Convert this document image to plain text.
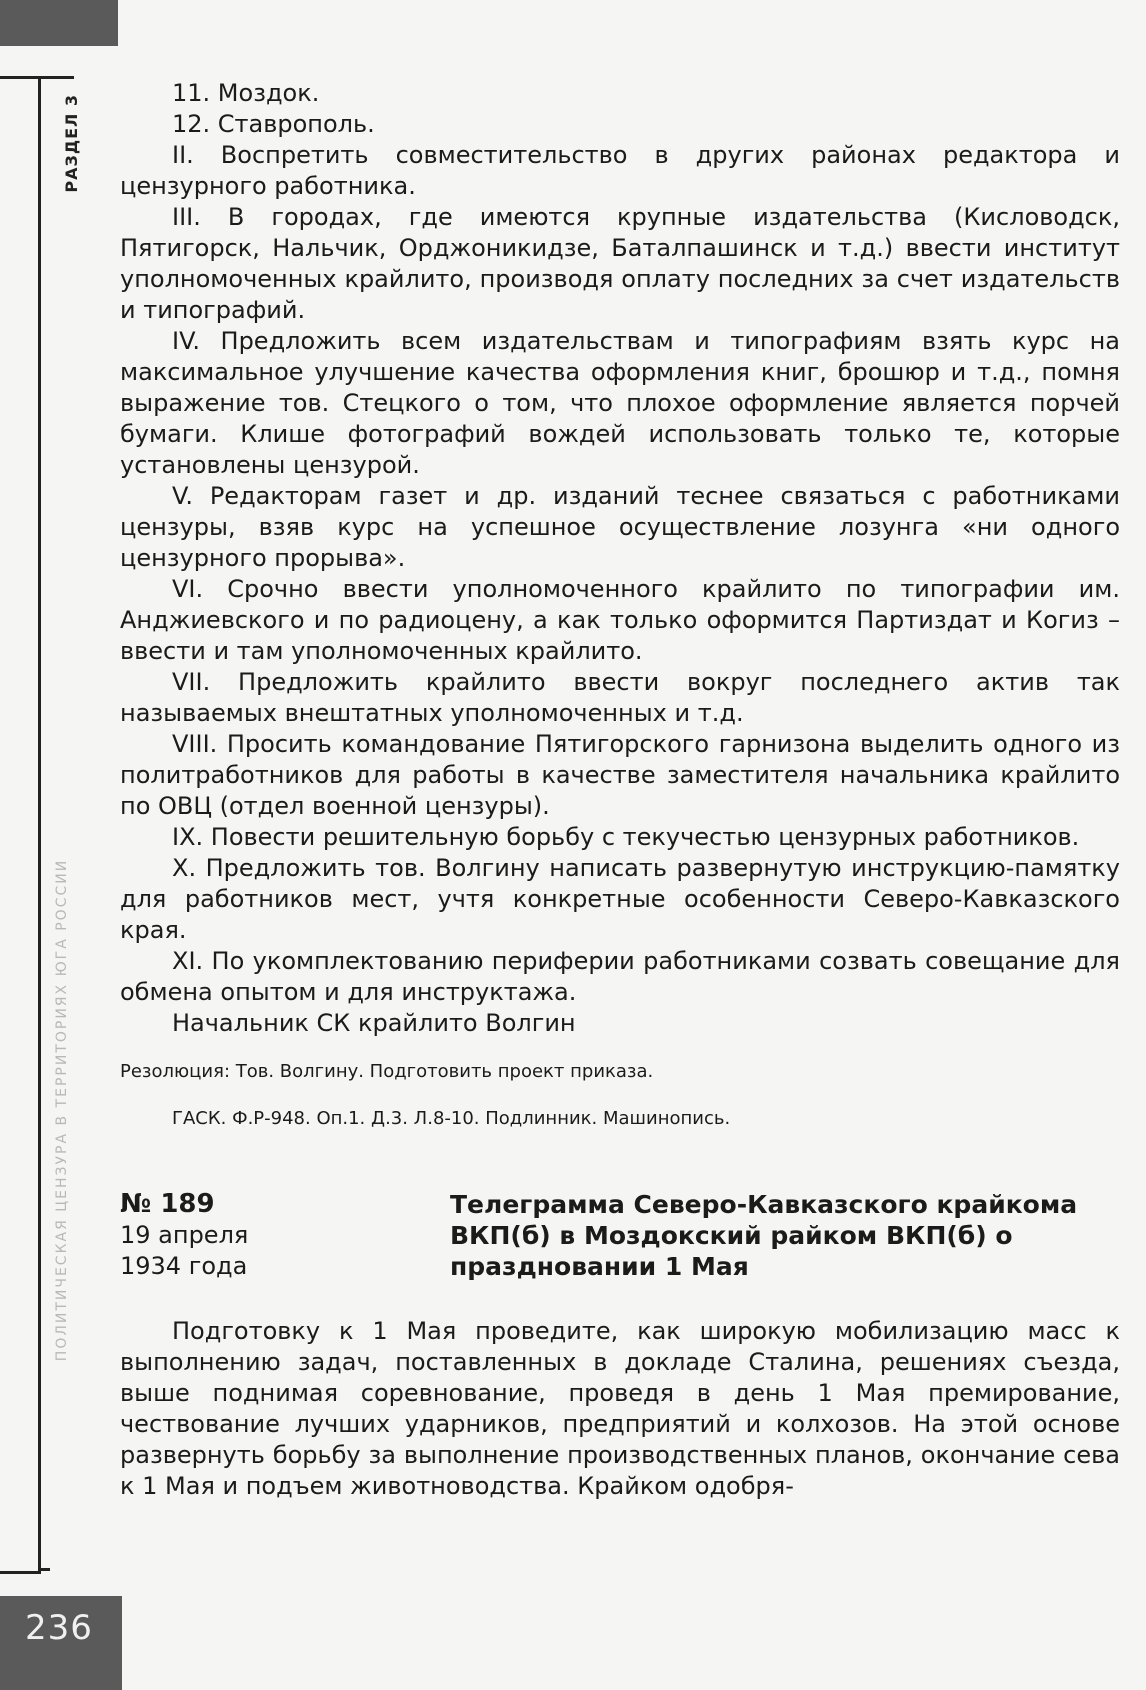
РАЗДЕЛ 3
ПОЛИТИЧЕСКАЯ ЦЕНЗУРА В ТЕРРИТОРИЯХ ЮГА РОССИИ
236

11. Моздок.

12. Ставрополь.

II. Воспретить совместительство в других районах редактора и цензурного работника.

III. В городах, где имеются крупные издательства (Кисловодск, Пятигорск, Нальчик, Орджоникидзе, Баталпашинск и т.д.) ввести институт уполномоченных крайлито, производя оплату последних за счет издательств и типографий.

IV. Предложить всем издательствам и типографиям взять курс на максимальное улучшение качества оформления книг, брошюр и т.д., помня выражение тов. Стецкого о том, что плохое оформление является порчей бумаги. Клише фотографий вождей использовать только те, которые установлены цензурой.

V. Редакторам газет и др. изданий теснее связаться с работниками цензуры, взяв курс на успешное осуществление лозунга «ни одного цензурного прорыва».

VI. Срочно ввести уполномоченного крайлито по типографии им. Анджиевского и по радиоцену, а как только оформится Партиздат и Когиз – ввести и там уполномоченных крайлито.

VII. Предложить крайлито ввести вокруг последнего актив так называемых внештатных уполномоченных и т.д.

VIII. Просить командование Пятигорского гарнизона выделить одного из политработников для работы в качестве заместителя начальника крайлито по ОВЦ (отдел военной цензуры).

IX. Повести решительную борьбу с текучестью цензурных работников.

X. Предложить тов. Волгину написать развернутую инструкцию-памятку для работников мест, учтя конкретные особенности Северо-Кавказского края.

XI. По укомплектованию периферии работниками созвать совещание для обмена опытом и для инструктажа.

Начальник СК крайлито Волгин

Резолюция: Тов. Волгину. Подготовить проект приказа.

ГАСК. Ф.Р-948. Оп.1. Д.3. Л.8-10. Подлинник. Машинопись.

№ 189
19 апреля
1934 года
Телеграмма Северо-Кавказского крайкома ВКП(б) в Моздокский райком ВКП(б) о праздновании 1 Мая

Подготовку к 1 Мая проведите, как широкую мобилизацию масс к выполнению задач, поставленных в докладе Сталина, решениях съезда, выше поднимая соревнование, проведя в день 1 Мая премирование, чествование лучших ударников, предприятий и колхозов. На этой основе развернуть борьбу за выполнение производственных планов, окончание сева к 1 Мая и подъем животноводства. Крайком одобря-
